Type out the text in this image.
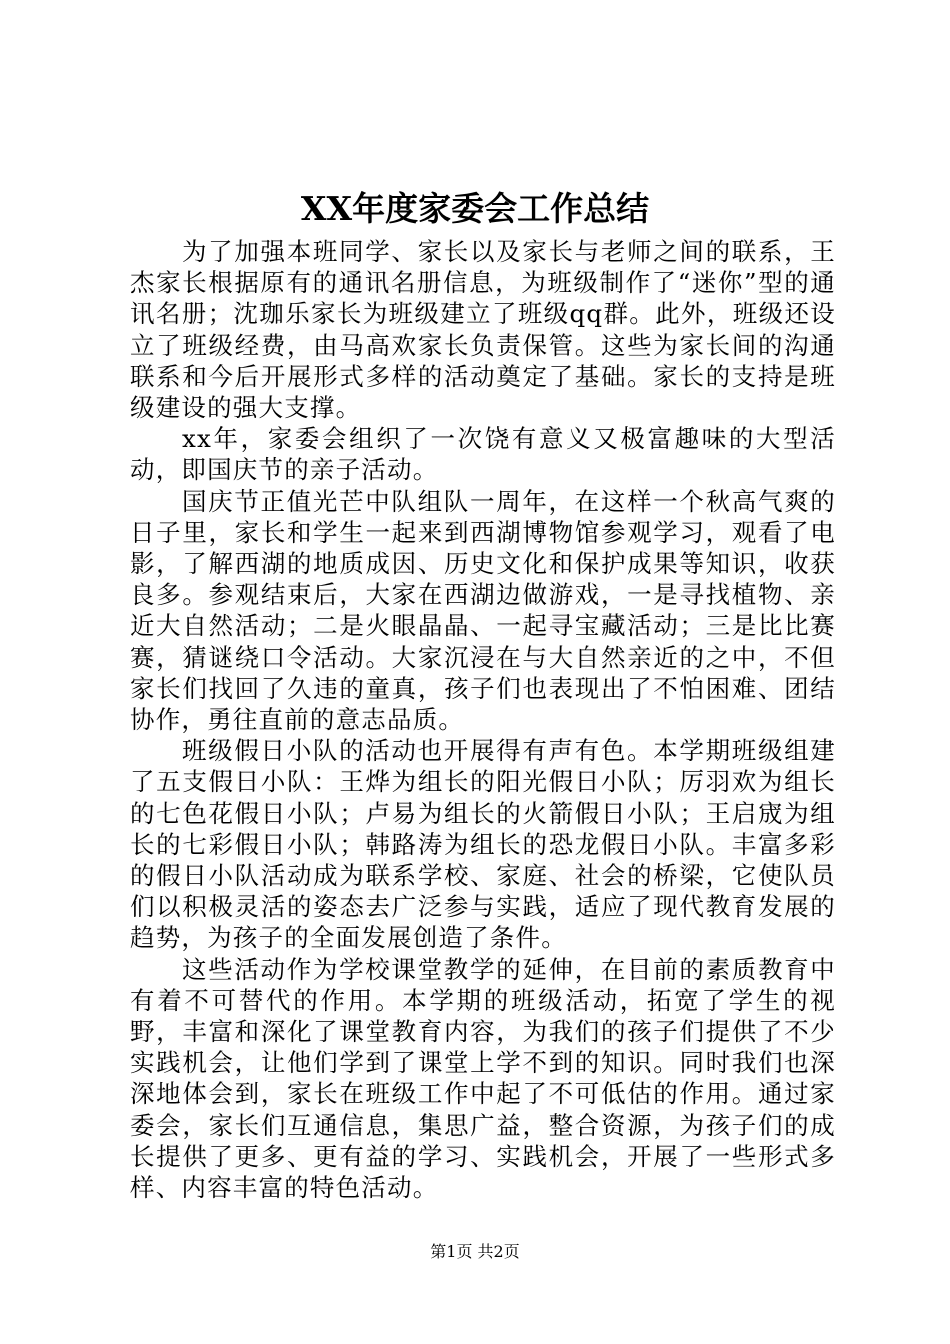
XX年度家委会工作总结

为了加强本班同学、家长以及家长与老师之间的联系，王杰家长根据原有的通讯名册信息，为班级制作了“迷你”型的通讯名册；沈珈乐家长为班级建立了班级qq群。此外，班级还设立了班级经费，由马高欢家长负责保管。这些为家长间的沟通联系和今后开展形式多样的活动奠定了基础。家长的支持是班级建设的强大支撑。

xx年，家委会组织了一次饶有意义又极富趣味的大型活动，即国庆节的亲子活动。

国庆节正值光芒中队组队一周年，在这样一个秋高气爽的日子里，家长和学生一起来到西湖博物馆参观学习，观看了电影，了解西湖的地质成因、历史文化和保护成果等知识，收获良多。参观结束后，大家在西湖边做游戏，一是寻找植物、亲近大自然活动；二是火眼晶晶、一起寻宝藏活动；三是比比赛赛，猜谜绕口令活动。大家沉浸在与大自然亲近的之中，不但家长们找回了久违的童真，孩子们也表现出了不怕困难、团结协作，勇往直前的意志品质。

班级假日小队的活动也开展得有声有色。本学期班级组建了五支假日小队：王烨为组长的阳光假日小队；厉羽欢为组长的七色花假日小队；卢易为组长的火箭假日小队；王启宬为组长的七彩假日小队；韩路涛为组长的恐龙假日小队。丰富多彩的假日小队活动成为联系学校、家庭、社会的桥梁，它使队员们以积极灵活的姿态去广泛参与实践，适应了现代教育发展的趋势，为孩子的全面发展创造了条件。

这些活动作为学校课堂教学的延伸，在目前的素质教育中有着不可替代的作用。本学期的班级活动，拓宽了学生的视野，丰富和深化了课堂教育内容，为我们的孩子们提供了不少实践机会，让他们学到了课堂上学不到的知识。同时我们也深深地体会到，家长在班级工作中起了不可低估的作用。通过家委会，家长们互通信息，集思广益，整合资源，为孩子们的成长提供了更多、更有益的学习、实践机会，开展了一些形式多样、内容丰富的特色活动。

第1页 共2页
